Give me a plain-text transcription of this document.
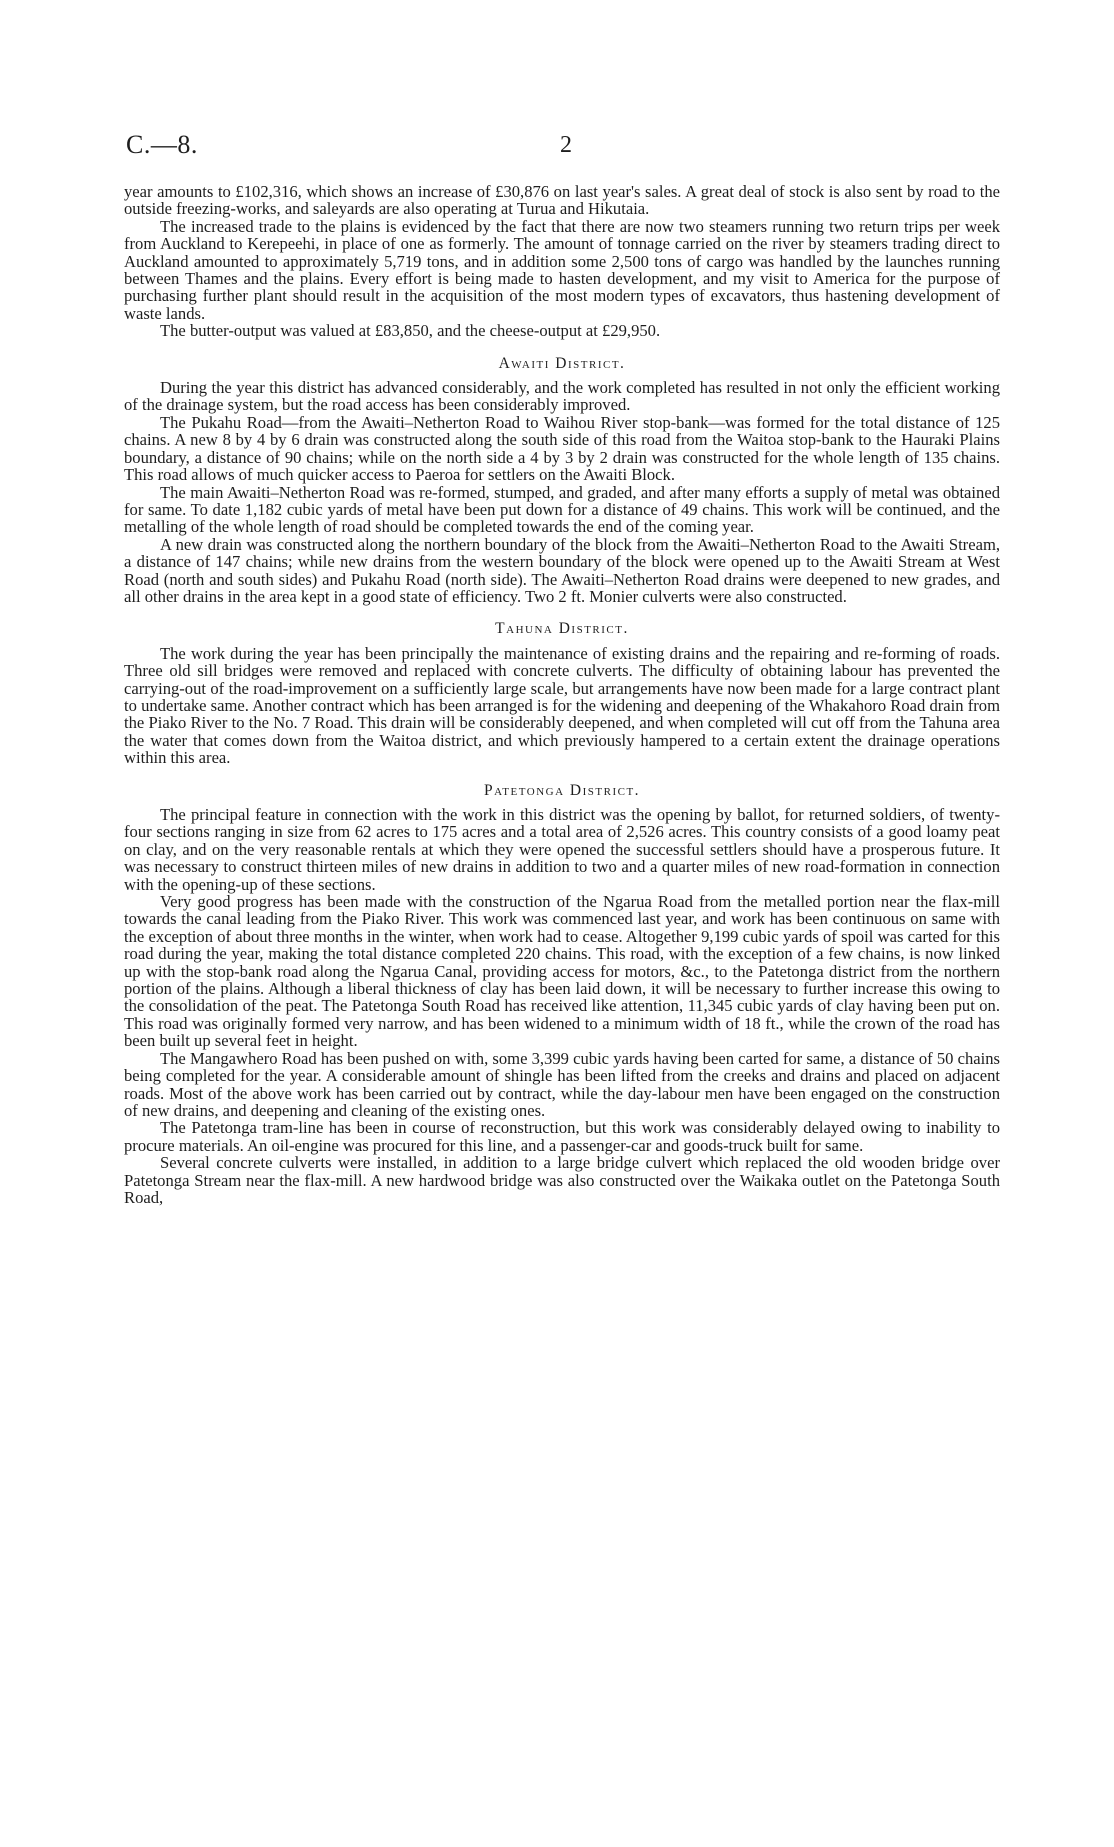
C.—8.	2

year amounts to £102,316, which shows an increase of £30,876 on last year's sales. A great deal of stock is also sent by road to the outside freezing-works, and saleyards are also operating at Turua and Hikutaia.

The increased trade to the plains is evidenced by the fact that there are now two steamers running two return trips per week from Auckland to Kerepeehi, in place of one as formerly. The amount of tonnage carried on the river by steamers trading direct to Auckland amounted to approximately 5,719 tons, and in addition some 2,500 tons of cargo was handled by the launches running between Thames and the plains. Every effort is being made to hasten development, and my visit to America for the purpose of purchasing further plant should result in the acquisition of the most modern types of excavators, thus hastening development of waste lands.

The butter-output was valued at £83,850, and the cheese-output at £29,950.

Awaiti District.

During the year this district has advanced considerably, and the work completed has resulted in not only the efficient working of the drainage system, but the road access has been considerably improved.

The Pukahu Road—from the Awaiti–Netherton Road to Waihou River stop-bank—was formed for the total distance of 125 chains. A new 8 by 4 by 6 drain was constructed along the south side of this road from the Waitoa stop-bank to the Hauraki Plains boundary, a distance of 90 chains; while on the north side a 4 by 3 by 2 drain was constructed for the whole length of 135 chains. This road allows of much quicker access to Paeroa for settlers on the Awaiti Block.

The main Awaiti–Netherton Road was re-formed, stumped, and graded, and after many efforts a supply of metal was obtained for same. To date 1,182 cubic yards of metal have been put down for a distance of 49 chains. This work will be continued, and the metalling of the whole length of road should be completed towards the end of the coming year.

A new drain was constructed along the northern boundary of the block from the Awaiti–Netherton Road to the Awaiti Stream, a distance of 147 chains; while new drains from the western boundary of the block were opened up to the Awaiti Stream at West Road (north and south sides) and Pukahu Road (north side). The Awaiti–Netherton Road drains were deepened to new grades, and all other drains in the area kept in a good state of efficiency. Two 2 ft. Monier culverts were also constructed.

Tahuna District.

The work during the year has been principally the maintenance of existing drains and the repairing and re-forming of roads. Three old sill bridges were removed and replaced with concrete culverts. The difficulty of obtaining labour has prevented the carrying-out of the road-improvement on a sufficiently large scale, but arrangements have now been made for a large contract plant to undertake same. Another contract which has been arranged is for the widening and deepening of the Whakahoro Road drain from the Piako River to the No. 7 Road. This drain will be considerably deepened, and when completed will cut off from the Tahuna area the water that comes down from the Waitoa district, and which previously hampered to a certain extent the drainage operations within this area.

Patetonga District.

The principal feature in connection with the work in this district was the opening by ballot, for returned soldiers, of twenty-four sections ranging in size from 62 acres to 175 acres and a total area of 2,526 acres. This country consists of a good loamy peat on clay, and on the very reasonable rentals at which they were opened the successful settlers should have a prosperous future. It was necessary to construct thirteen miles of new drains in addition to two and a quarter miles of new road-formation in connection with the opening-up of these sections.

Very good progress has been made with the construction of the Ngarua Road from the metalled portion near the flax-mill towards the canal leading from the Piako River. This work was commenced last year, and work has been continuous on same with the exception of about three months in the winter, when work had to cease. Altogether 9,199 cubic yards of spoil was carted for this road during the year, making the total distance completed 220 chains. This road, with the exception of a few chains, is now linked up with the stop-bank road along the Ngarua Canal, providing access for motors, &c., to the Patetonga district from the northern portion of the plains. Although a liberal thickness of clay has been laid down, it will be necessary to further increase this owing to the consolidation of the peat. The Patetonga South Road has received like attention, 11,345 cubic yards of clay having been put on. This road was originally formed very narrow, and has been widened to a minimum width of 18 ft., while the crown of the road has been built up several feet in height.

The Mangawhero Road has been pushed on with, some 3,399 cubic yards having been carted for same, a distance of 50 chains being completed for the year. A considerable amount of shingle has been lifted from the creeks and drains and placed on adjacent roads. Most of the above work has been carried out by contract, while the day-labour men have been engaged on the construction of new drains, and deepening and cleaning of the existing ones.

The Patetonga tram-line has been in course of reconstruction, but this work was considerably delayed owing to inability to procure materials. An oil-engine was procured for this line, and a passenger-car and goods-truck built for same.

Several concrete culverts were installed, in addition to a large bridge culvert which replaced the old wooden bridge over Patetonga Stream near the flax-mill. A new hardwood bridge was also constructed over the Waikaka outlet on the Patetonga South Road,
